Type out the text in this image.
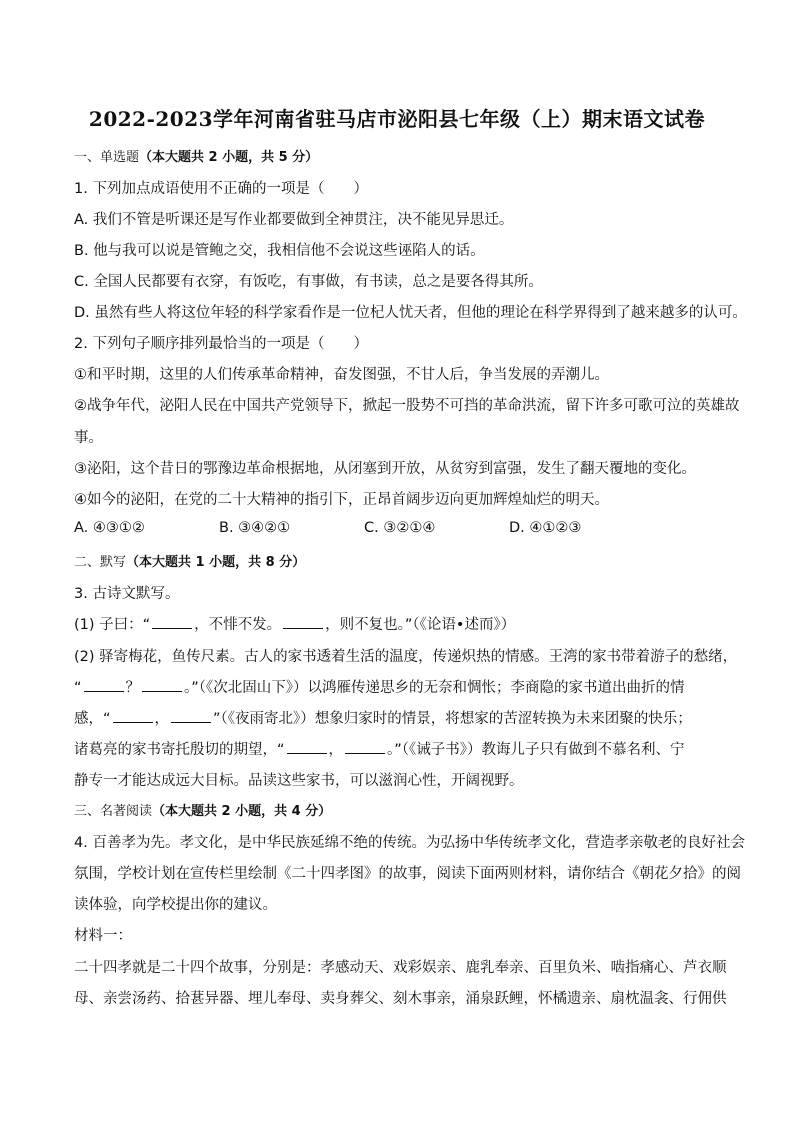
2022-2023学年河南省驻马店市泌阳县七年级（上）期末语文试卷
一、单选题（本大题共 2 小题，共 5 分）
1. 下列加点成语使用不正确的一项是（　　）
A. 我们不管是听课还是写作业都要做到全神贯注，决不能见异思迁。
B. 他与我可以说是管鲍之交，我相信他不会说这些诬陷人的话。
C. 全国人民都要有衣穿，有饭吃，有事做，有书读，总之是要各得其所。
D. 虽然有些人将这位年轻的科学家看作是一位杞人忧天者，但他的理论在科学界得到了越来越多的认可。
2. 下列句子顺序排列最恰当的一项是（　　）
①和平时期，这里的人们传承革命精神，奋发图强，不甘人后，争当发展的弄潮儿。
②战争年代，泌阳人民在中国共产党领导下，掀起一股势不可挡的革命洪流，留下许多可歌可泣的英雄故
事。
③泌阳，这个昔日的鄂豫边革命根据地，从闭塞到开放，从贫穷到富强，发生了翻天覆地的变化。
④如今的泌阳，在党的二十大精神的指引下，正昂首阔步迈向更加辉煌灿烂的明天。
A. ④③①②	B. ③④②①	C. ③②①④	D. ④①②③
二、默写（本大题共 1 小题，共 8 分）
3. 古诗文默写。
(1) 子曰：“	，不悱不发。	，则不复也。”（《论语•述而》）
(2) 驿寄梅花，鱼传尺素。古人的家书透着生活的温度，传递炽热的情感。王湾的家书带着游子的愁绪，
“	？	。”（《次北固山下》）以鸿雁传递思乡的无奈和惆怅；李商隐的家书道出曲折的情
感，“	，	”（《夜雨寄北》）想象归家时的情景，将想家的苦涩转换为未来团聚的快乐；
诸葛亮的家书寄托殷切的期望，“	，	。”（《诫子书》）教诲儿子只有做到不慕名利、宁
静专一才能达成远大目标。品读这些家书，可以滋润心性，开阔视野。
三、名著阅读（本大题共 2 小题，共 4 分）
4. 百善孝为先。孝文化，是中华民族延绵不绝的传统。为弘扬中华传统孝文化，营造孝亲敬老的良好社会
氛围，学校计划在宣传栏里绘制《二十四孝图》的故事，阅读下面两则材料，请你结合《朝花夕拾》的阅
读体验，向学校提出你的建议。
材料一：
二十四孝就是二十四个故事，分别是：孝感动天、戏彩娱亲、鹿乳奉亲、百里负米、啮指痛心、芦衣顺
母、亲尝汤药、拾葚异器、埋儿奉母、卖身葬父、刻木事亲，涌泉跃鲤，怀橘遗亲、扇枕温衾、行佣供
